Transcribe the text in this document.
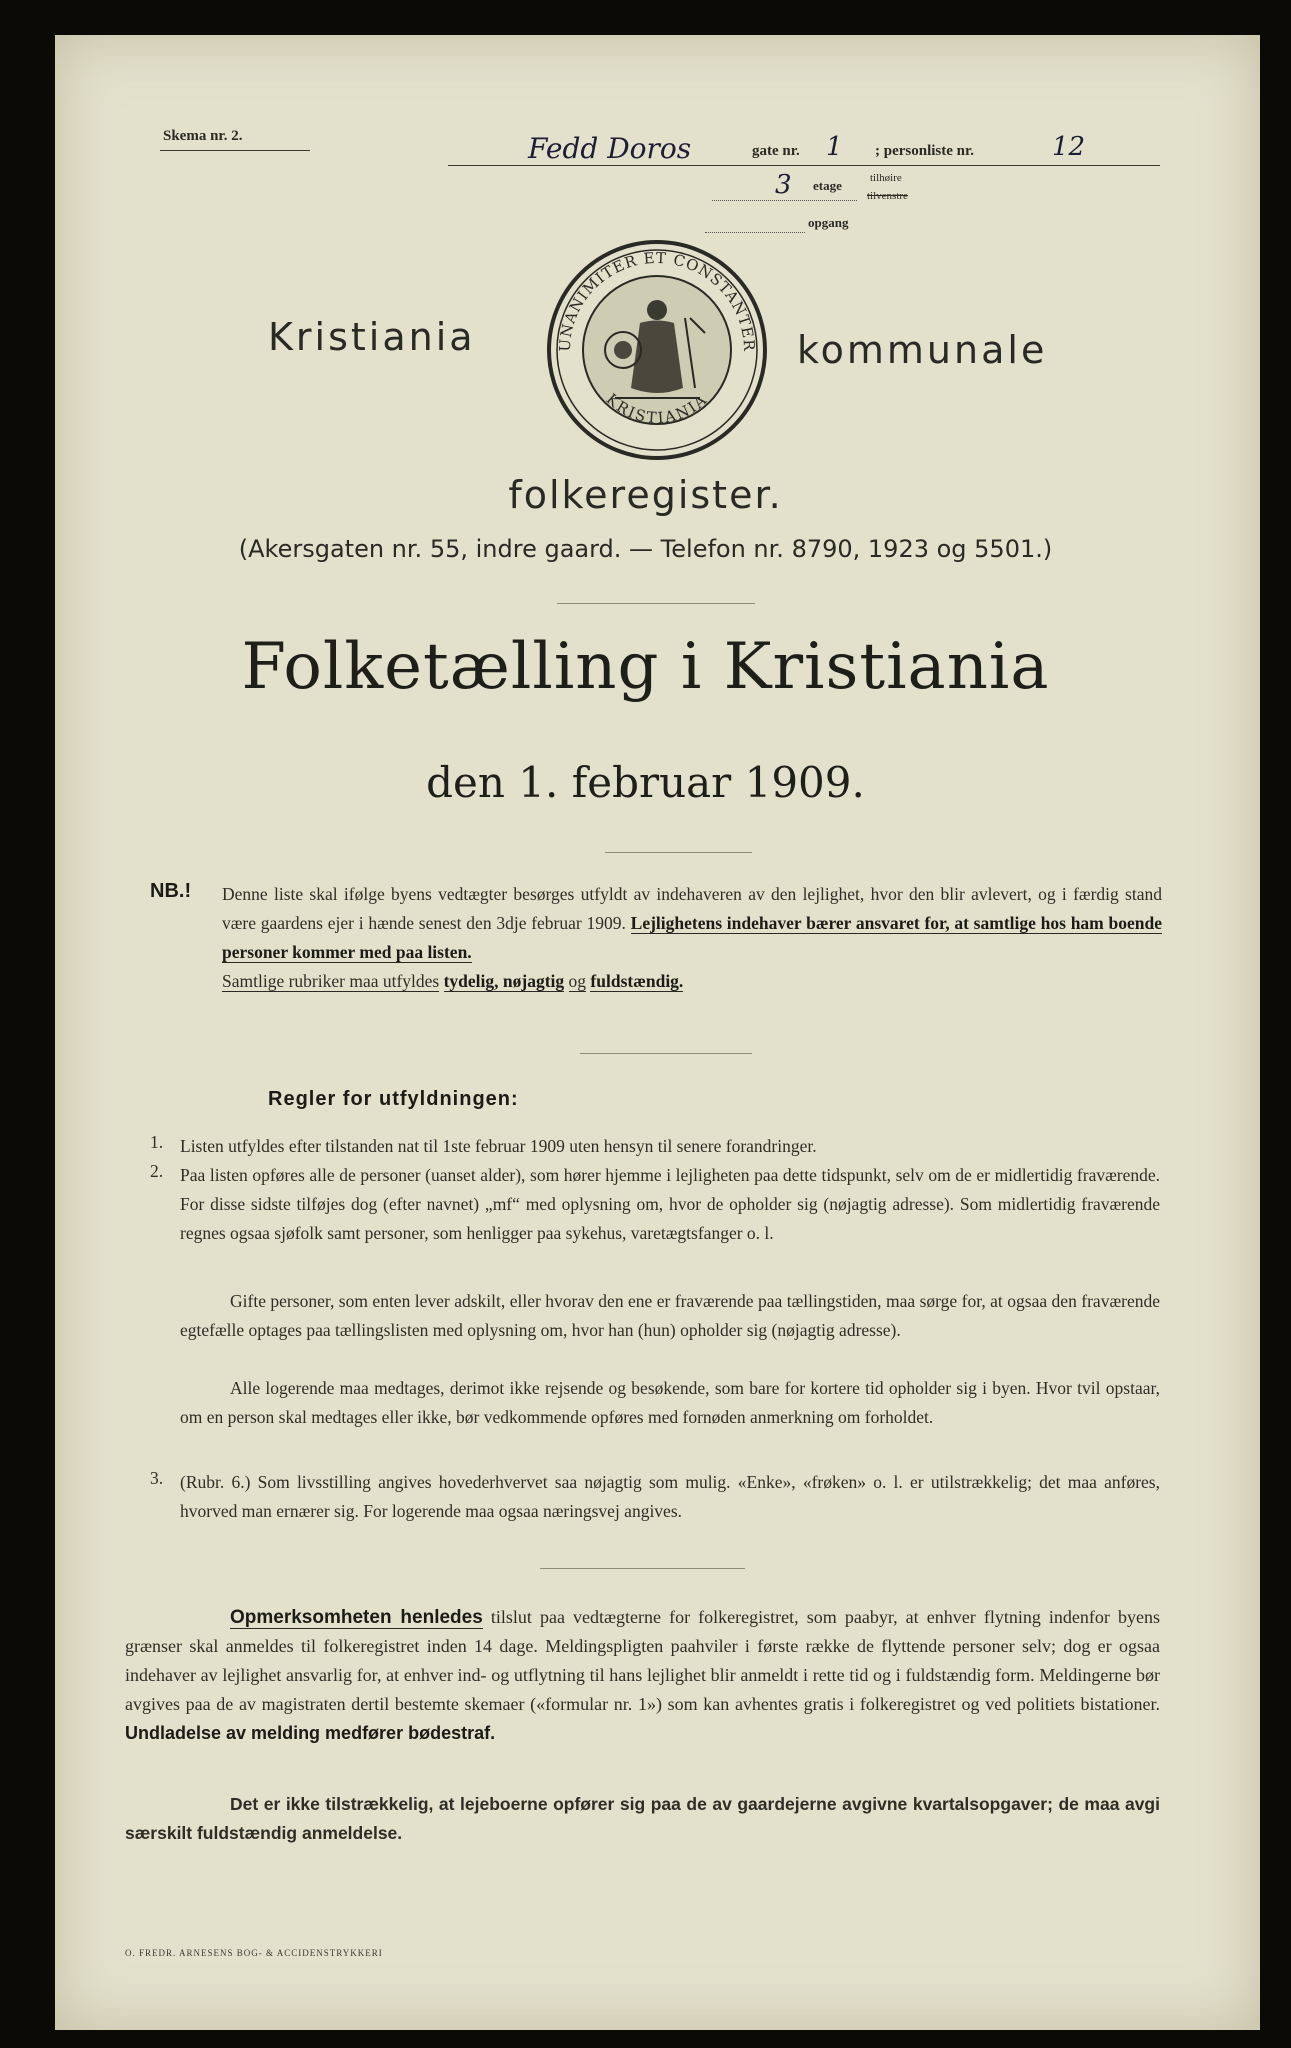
Skema nr. 2.	Fedd Doros	gate nr. 1 ; personliste nr.	12
3 etage	tilhøire
tilvenstre
opgang
Kristiania	UNANIMITER ET CONSTANTER
KRISTIANIA
kommunale
folkeregister.
(Akersgaten nr. 55, indre gaard. — Telefon nr. 8790, 1923 og 5501.)
Folketælling i Kristiania
den 1. februar 1909.
NB.! Denne liste skal ifølge byens vedtægter besørges utfyldt av indehaveren av den lejlighet, hvor den blir avlevert, og i færdig stand være gaardens ejer i hænde senest den 3dje februar 1909. Lejlighetens indehaver bærer ansvaret for, at samtlige hos ham boende personer kommer med paa listen.
Samtlige rubriker maa utfyldes tydelig, nøjagtig og fuldstændig.
Regler for utfyldningen:
1. Listen utfyldes efter tilstanden nat til 1ste februar 1909 uten hensyn til senere forandringer.
2. Paa listen opføres alle de personer (uanset alder), som hører hjemme i lejligheten paa dette tidspunkt, selv om de er midlertidig fraværende. For disse sidste tilføjes dog (efter navnet) „mf“ med oplysning om, hvor de opholder sig (nøjagtig adresse). Som midlertidig fraværende regnes ogsaa sjøfolk samt personer, som henligger paa sykehus, varetægtsfanger o. l.
Gifte personer, som enten lever adskilt, eller hvorav den ene er fraværende paa tællingstiden, maa sørge for, at ogsaa den fraværende egtefælle optages paa tællingslisten med oplysning om, hvor han (hun) opholder sig (nøjagtig adresse).
Alle logerende maa medtages, derimot ikke rejsende og besøkende, som bare for kortere tid opholder sig i byen. Hvor tvil opstaar, om en person skal medtages eller ikke, bør vedkommende opføres med fornøden anmerkning om forholdet.
3. (Rubr. 6.) Som livsstilling angives hovederhvervet saa nøjagtig som mulig. «Enke», «frøken» o. l. er utilstrækkelig; det maa anføres, hvorved man ernærer sig. For logerende maa ogsaa næringsvej angives.
Opmerksomheten henledes tilslut paa vedtægterne for folkeregistret, som paabyr, at enhver flytning indenfor byens grænser skal anmeldes til folkeregistret inden 14 dage. Meldingspligten paahviler i første række de flyttende personer selv; dog er ogsaa indehaver av lejlighet ansvarlig for, at enhver ind- og utflytning til hans lejlighet blir anmeldt i rette tid og i fuldstændig form. Meldingerne bør avgives paa de av magistraten dertil bestemte skemaer («formular nr. 1») som kan avhentes gratis i folkeregistret og ved politiets bistationer. Undladelse av melding medfører bødestraf.
Det er ikke tilstrækkelig, at lejeboerne opfører sig paa de av gaardejerne avgivne kvartalsopgaver; de maa avgi særskilt fuldstændig anmeldelse.
O. FREDR. ARNESENS BOG- & ACCIDENSTRYKKERI
